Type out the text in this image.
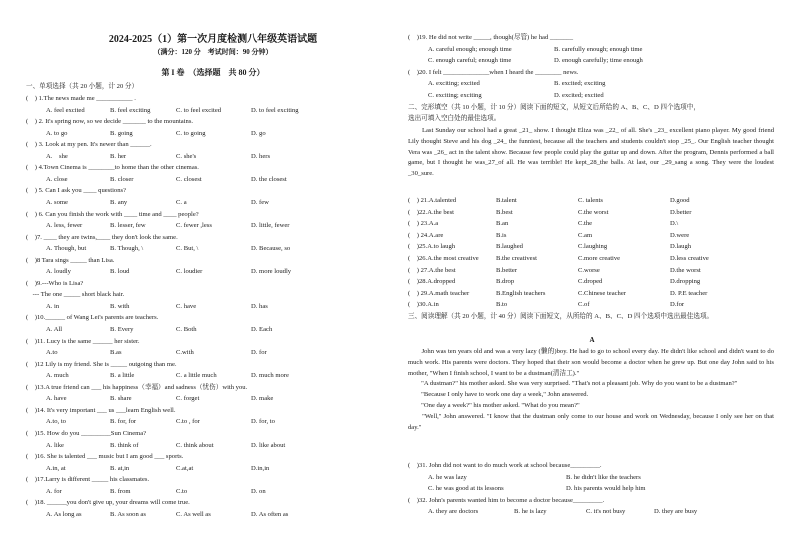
2024-2025（1）第一次月度检测八年级英语试题
（满分：120 分　考试时间：90 分钟）
第 I 卷　（选择题　共 80 分）
一、单项选择（共 20 小题，计 20 分）
(　) 1.The news made me ___________ .
A. feel excited	B. feel exciting	C. to feel excited	D. to feel exciting
(　) 2. It's spring now, so we decide _______ to the mountains.
A. to go	B. going	C. to going	D. go
(　) 3. Look at my pen. It's newer than ______.
A.　she	B. her	C. she's	D. hers
(　) 4.Town Cinema is ________to home than the other cinemas.
A. close	B. closer	C. closest	D. the closest
(　) 5. Can I ask you ____ questions?
A. some	B. any	C. a	D. few
(　) 6. Can you finish the work with ____ time and ____ people?
A. less, fewer	B. lesser, few	C. fewer ,less	D. little, fewer
(　)7. ____ they are twins,____ they don't look the same.
A. Though, but	B. Though, \	C. But, \	D. Because, so
(　)8 Tara sings _____ than Lisa.
A. loudly	B. loud	C. loudier	D. more loudly
(　)9.---Who is Lisa?
　--- The one _____ short black hair.
A. in	B. with	C. have	D. has
(　)10.______ of Wang Lei's parents are teachers.
A. All	B. Every	C. Both	D. Each
(　)11. Lucy is the same ______ her sister.
A.to	B.as	C.with	D. for
(　)12 Lily is my friend. She is _____ outgoing than me.
A. much	B. a little	C. a little much	D. much more
(　)13.A true friend can ___ his happiness（幸福）and sadness（忧伤）with you.
A. have	B. share	C. forget	D. make
(　)14. It's very important ___ us ___learn English well.
A.to, to	B. for, for	C.to , for	D. for, to
(　)15. How do you _________Sun Cinema?
A. like	B. think of	C. think about	D. like about
(　)16. She is talented ___ music but I am good ___ sports.
A.in, at	B. at,in	C.at,at	D.in,in
(　)17.Larry is different _____ his classmates.
A. for	B. from	C.to	D. on
(　)18. ______you don't give up, your dreams will come true.
A. As long as	B. As soon as	C. As well as	D. As often as
(　)19. He did not write _____, though(尽管) he had _______
A. careful enough; enough time	B. carefully enough; enough time
C. enough careful; enough time	D. enough carefully; time enough
(　)20. I felt ______________when I heard the ________ news.
A. exciting; excited	B. excited; exciting
C. exciting; exciting	D. excited; excited
二、完形填空（共 10 小题，计 10 分）阅读下面的短文，从短文后所给的 A、B、C、D 四个选项中，
选出可填入空白处的最佳选项。
　　Last Sunday our school had a great _21_ show. I thought Eliza was _22_ of all. She's _23_ excellent piano player. My good friend Lily thought Steve and his dog _24_ the funniest, because all the teachers and students couldn't stop _25_. Our English teacher thought Vera was _26_ act in the talent show. Because few people could play the guitar up and down. After the program, Dennis performed a ball game, but I thought he was_27_of all. He was terrible! He kept_28_the balls. At last, our _29_sang a song. They were the loudest _30_sure.
(　) 21.A.talented	B.talent	C. talents	D.good
(　)22.A.the best	B.best	C.the worst	D.better
(　) 23.A.a	B.an	C.the	D.\
(　) 24.A.are	B.is	C.am	D.were
(　)25.A.to laugh	B.laughed	C.laughing	D.laugh
(　)26.A.the most creative	B.the creativest	C.more creative	D.less creative
(　) 27.A.the best	B.better	C.worse	D.the worst
(　)28.A.dropped	B.drop	C.droped	D.dropping
(　) 29.A.math teacher	B.English teachers	C.Chinese teacher	D. P.E teacher
(　)30.A.in	B.to	C.of	D.for
三、阅读理解（共 20 小题，计 40 分）阅读下面短文，从所给的 A、B、C、D 四个选项中选出最佳选项。
A
　　John was ten years old and was a very lazy (懒的)boy. He had to go to school every day. He didn't like school and didn't want to do much work. His parents were doctors. They hoped that their son would become a doctor when he grew up. But one day John said to his mother, "When I finish school, I want to be a dustman(清洁工)."
　　"A dustman?" his mother asked. She was very surprised. "That's not a pleasant job. Why do you want to be a dustman?"
　　"Because I only have to work one day a week," John answered.
　　"One day a week?" his mother asked. "What do you mean?"
　　"Well," John answered. "I know that the dustman only come to our house and work on Wednesday, because I only see her on that day."
(　)31. John did not want to do much work at school because_________.
A. he was lazy	B. he didn't like the teachers
C. he was good at its lessons	D. his parents would help him
(　)32. John's parents wanted him to become a doctor because_________.
A. they are doctors	B. he is lazy	C. it's not busy	D. they are busy
